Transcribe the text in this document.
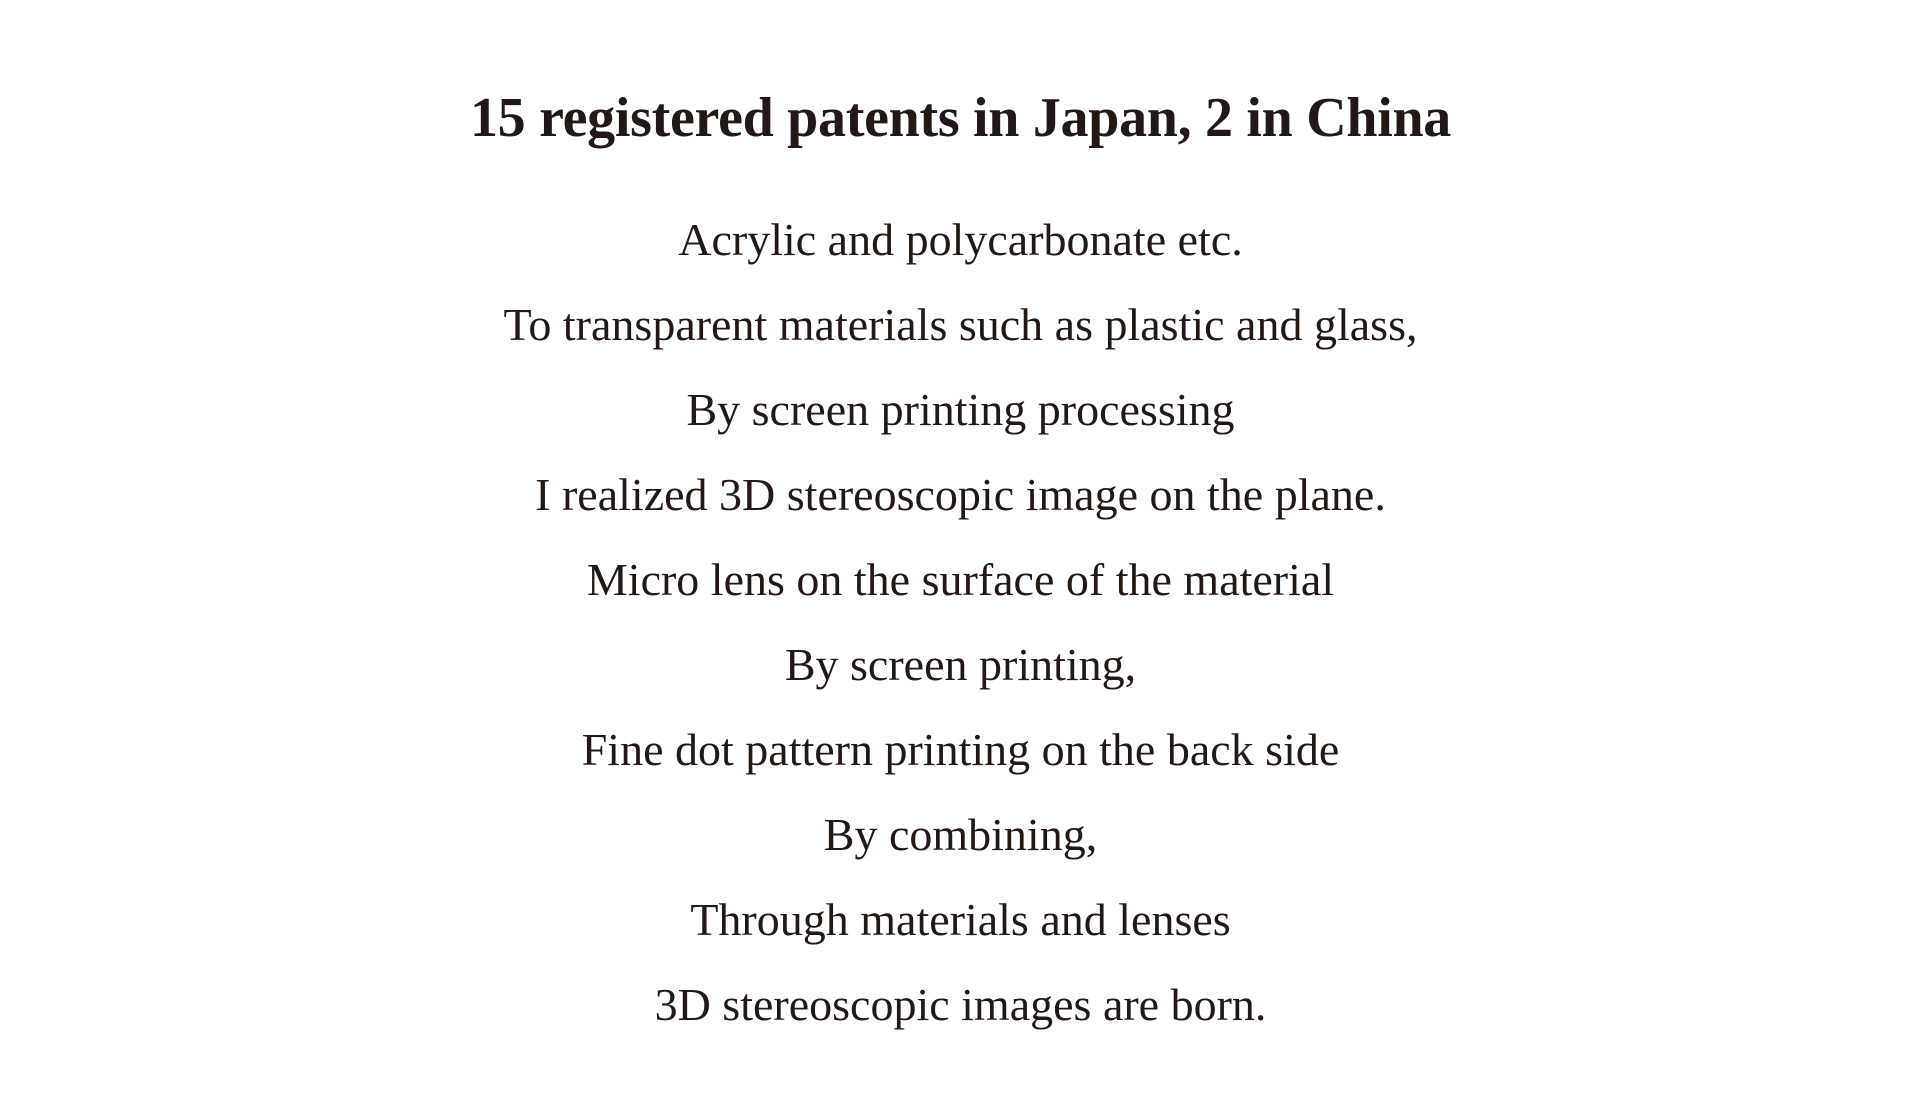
15 registered patents in Japan, 2 in China
Acrylic and polycarbonate etc.
To transparent materials such as plastic and glass,
By screen printing processing
I realized 3D stereoscopic image on the plane.
Micro lens on the surface of the material
By screen printing,
Fine dot pattern printing on the back side
By combining,
Through materials and lenses
3D stereoscopic images are born.
